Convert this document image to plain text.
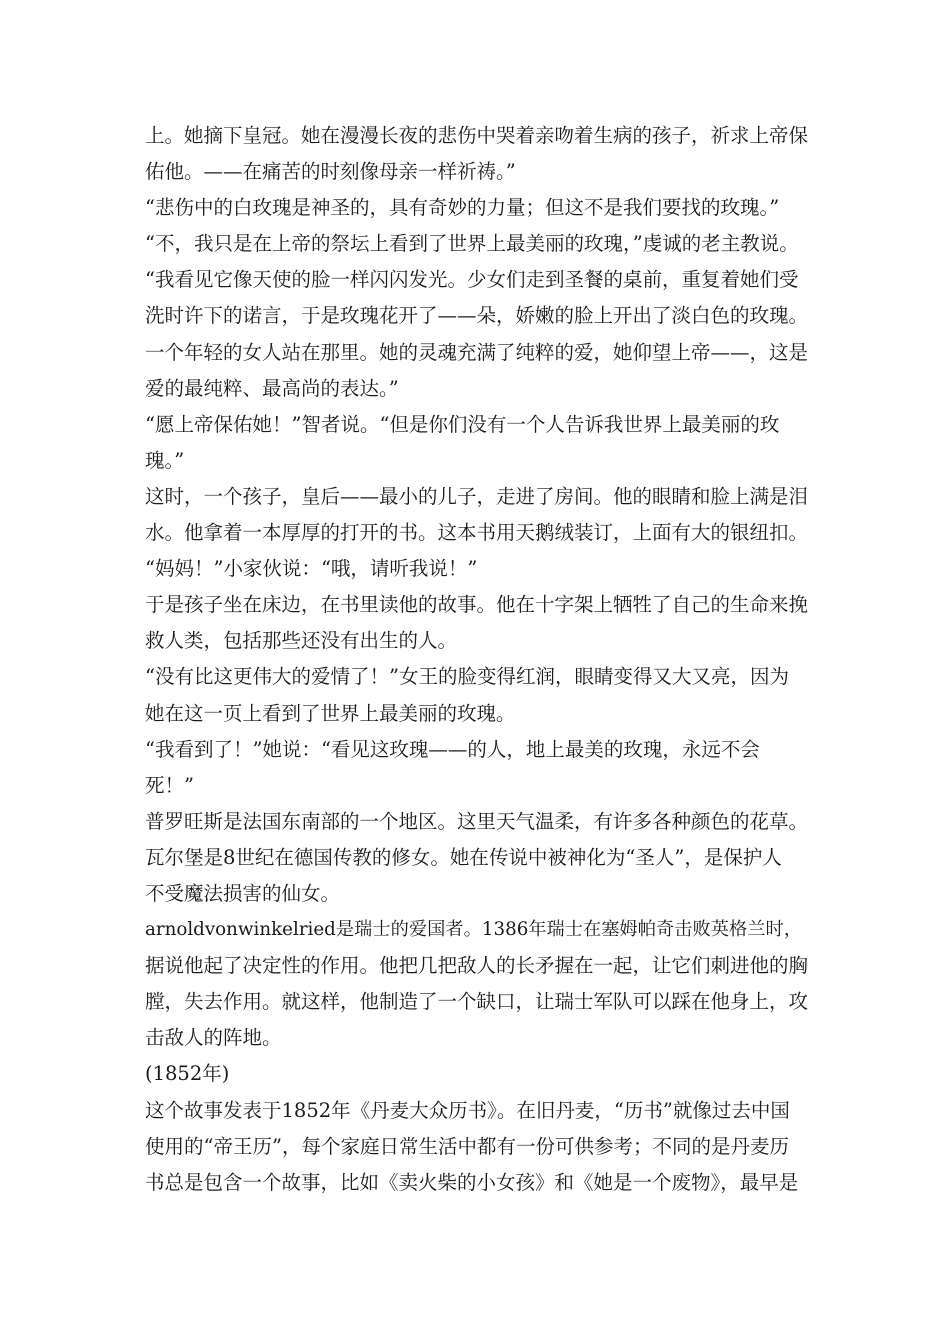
上。她摘下皇冠。她在漫漫长夜的悲伤中哭着亲吻着生病的孩子，祈求上帝保
佑他。——在痛苦的时刻像母亲一样祈祷。”
“悲伤中的白玫瑰是神圣的，具有奇妙的力量；但这不是我们要找的玫瑰。”
“不，我只是在上帝的祭坛上看到了世界上最美丽的玫瑰，”虔诚的老主教说。
“我看见它像天使的脸一样闪闪发光。少女们走到圣餐的桌前，重复着她们受
洗时许下的诺言，于是玫瑰花开了——朵，娇嫩的脸上开出了淡白色的玫瑰。
一个年轻的女人站在那里。她的灵魂充满了纯粹的爱，她仰望上帝——，这是
爱的最纯粹、最高尚的表达。”
“愿上帝保佑她！”智者说。“但是你们没有一个人告诉我世界上最美丽的玫
瑰。”
这时，一个孩子，皇后——最小的儿子，走进了房间。他的眼睛和脸上满是泪
水。他拿着一本厚厚的打开的书。这本书用天鹅绒装订，上面有大的银纽扣。
“妈妈！”小家伙说：“哦，请听我说！”
于是孩子坐在床边，在书里读他的故事。他在十字架上牺牲了自己的生命来挽
救人类，包括那些还没有出生的人。
“没有比这更伟大的爱情了！”女王的脸变得红润，眼睛变得又大又亮，因为
她在这一页上看到了世界上最美丽的玫瑰。
“我看到了！”她说：“看见这玫瑰——的人，地上最美的玫瑰，永远不会
死！”
普罗旺斯是法国东南部的一个地区。这里天气温柔，有许多各种颜色的花草。
瓦尔堡是8世纪在德国传教的修女。她在传说中被神化为“圣人”，是保护人
不受魔法损害的仙女。
arnoldvonwinkelried是瑞士的爱国者。1386年瑞士在塞姆帕奇击败英格兰时，
据说他起了决定性的作用。他把几把敌人的长矛握在一起，让它们刺进他的胸
膛，失去作用。就这样，他制造了一个缺口，让瑞士军队可以踩在他身上，攻
击敌人的阵地。
(1852年)
这个故事发表于1852年《丹麦大众历书》。在旧丹麦，“历书”就像过去中国
使用的“帝王历”，每个家庭日常生活中都有一份可供参考；不同的是丹麦历
书总是包含一个故事，比如《卖火柴的小女孩》和《她是一个废物》，最早是
